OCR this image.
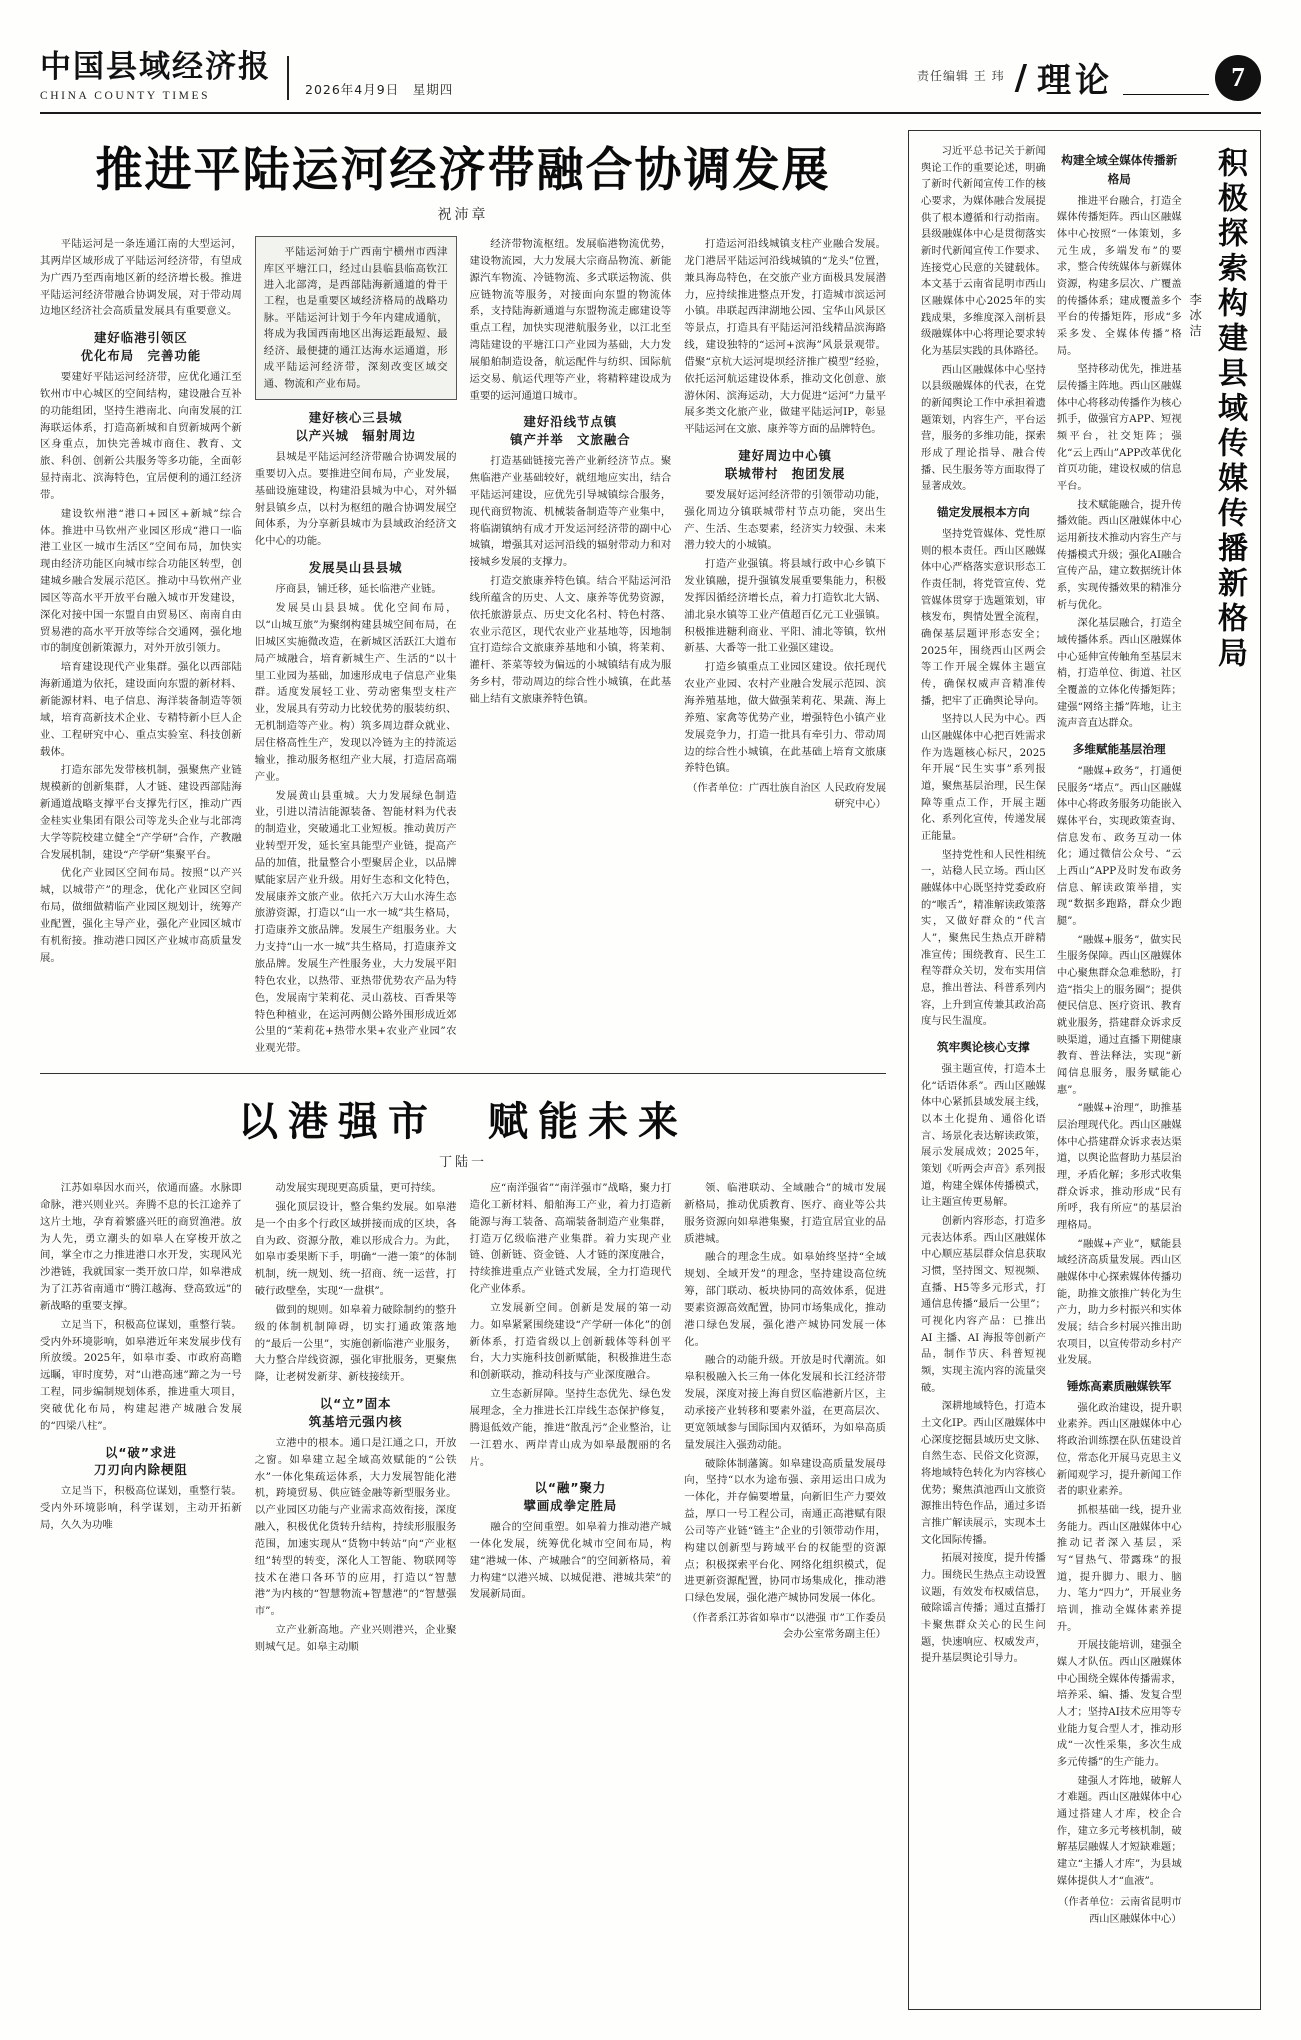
中国县域经济报
CHINA COUNTY TIMES	2026年4月9日　星期四
责任编辑 王 玮 / 理论	7
推进平陆运河经济带融合协调发展
祝沛章

平陆运河是一条连通江南的大型运河，其两岸区域形成了平陆运河经济带，有望成为广西乃至西南地区新的经济增长极。推进平陆运河经济带融合协调发展，对于带动周边地区经济社会高质量发展具有重要意义。

建好临港引领区
优化布局　完善功能

要建好平陆运河经济带，应优化通江至钦州市中心城区的空间结构，建设融合互补的功能组团，坚持生港南北、向南发展的江海联运体系，打造高新城和自贸新城两个新区身重点，加快完善城市商住、教育、文旅、科创、创新公共服务等多功能，全面彰显持南北、滨海特色，宜居便利的通江经济带。

建设钦州港“港口+园区+新城”综合体。推进中马钦州产业园区形成“港口一临港工业区一城市生活区”空间布局，加快实现由经济功能区向城市综合功能区转型，创建城乡融合发展示范区。推动中马钦州产业园区等高水平开放平台融入城市开发建设，深化对接中国一东盟自由贸易区、南南自由贸易港的高水平开放等综合交通网，强化地市的制度创新策源力，对外开放引领力。

培育建设现代产业集群。强化以西部陆海新通道为依托，建设面向东盟的新材料、新能源材料、电子信息、海洋装备制造等领域，培育高新技术企业、专精特新小巨人企业、工程研究中心、重点实验室、科技创新载体。

打造东部先发带核机制，强聚焦产业链规模新的创新集群，人才链、建设西部陆海新通道战略支撑平台支撑先行区，推动广西金桂实业集团有限公司等龙头企业与北部湾大学等院校建立健全“产学研”合作，产教融合发展机制，建设“产学研”集聚平台。

优化产业园区空间布局。按照“以产兴城，以城带产”的理念，优化产业园区空间布局，做细做精临产业园区规划计，统筹产业配置，强化主导产业，强化产业园区城市有机衔接。推动港口园区产业城市高质量发展。

平陆运河始于广西南宁横州市西津库区平塘江口，经过山县临县临高钦江进入北部湾，是西部陆海新通道的骨干工程，也是重要区域经济格局的战略功脉。平陆运河计划于今年内建成通航，将成为我国西南地区出海运距最短、最经济、最便捷的通江达海水运通道，形成平陆运河经济带，深刻改变区域交通、物流和产业布局。

建好核心三县城
以产兴城　辐射周边

县城是平陆运河经济带融合协调发展的重要切入点。要推进空间布局，产业发展，基础设施建设，构建沿县城为中心，对外辐射县镇乡点，以村为枢纽的融合协调发展空间体系，为分享新县城市为县域政治经济文化中心的功能。

发展昊山县县城

序商县，铺迁移，延长临港产业链。

发展昊山县县城。优化空间布局，以“山城互旅”为聚纲构建县城空间布局，在旧城区实施微改造，在新城区活跃江大道布局产城融合，培育新城生产、生活的“以十里工业园为基础，加速形成电子信息产业集群。适度发展轻工业、劳动密集型支柱产业，发展具有劳动力比较优势的服装纺织、无机制造等产业。构）筑多周边群众就业、居住格高性生产，发现以冷链为主的持流运输业，推动服务枢纽产业大展，打造居高端产业。

发展黄山县重城。大力发展绿色制造业，引进以清洁能源装备、智能材料为代表的制造业，突破通北工业短板。推动黄厉产业转型开发，延长室具能型产业链，提高产品的加值，批量整合小型聚居企业，以品牌赋能家居产业升级。用好生态和文化特色，发展康养文旅产业。依托六万大山水涛生态旅游资源，打造以“山一水一城”共生格局，打造康养文旅品牌。发展生产组服务业。大力支持“山一水一城”共生格局，打造康养文旅品牌。发展生产性服务业，大力发展平阳特色农业，以热带、亚热带优势农产品为特色，发展南宁茉莉花、灵山荔枝、百香果等特色种植业，在运河两侧公路外围形成近郊公里的“茉莉花+热带水果+农业产业园”农业观光带。

经济带物流枢纽。发展临港物流优势，建设物流园，大力发展大宗商品物流、新能源汽车物流、冷链物流、多式联运物流、供应链物流等服务，对接面向东盟的物流体系，支持陆海新通道与东盟物流走廊建设等重点工程，加快实现港航服务业，以江北至湾陆建设的平塘江口产业园为基础，大力发展船舶制造设备，航运配件与纺织、国际航运交易、航运代理等产业，将精粹建设成为重要的运河通道口城市。

建好沿线节点镇
镇产并举　文旅融合

打造基础链接完善产业新经济节点。聚焦临港产业基础较好，就纽地应实出，结合平陆运河建设，应优先引导城镇综合服务，现代商贸物流、机械装备制造等产业集中，将临湖镇纳有成才开发运河经济带的副中心城镇，增强其对运河沿线的辐射带动力和对接城乡发展的支撑力。

打造交旅康养特色镇。结合平陆运河沿线所蕴含的历史、人文、康养等优势资源，依托旅游景点、历史文化名村、特色村落、农业示范区，现代农业产业基地等，因地制宜打造综合文旅康养基地和小镇，将茉莉、灌杆、茶菜等较为偏远的小城镇结有成为服务乡村，带动周边的综合性小城镇，在此基础上结有文旅康养特色镇。

打造运河沿线城镇支柱产业融合发展。龙门港居平陆运河沿线城镇的“龙头”位置，兼具海岛特色，在交旅产业方面极具发展潜力，应持续推进整点开发，打造城市滨运河小镇。串联起西津湖地公园、宝华山风景区等景点，打造具有平陆运河沿线精品滨海路线，建设独特的“运河+滨海”风景景观带。借聚“京杭大运河堤坝经济推广模型”经验，依托运河航运建设体系，推动文化创意、旅游休闲、滨海运动，大力促进“运河”力量平展多类文化旅产业，做建平陆运河IP，彰显平陆运河在文旅、康养等方面的品牌特色。

建好周边中心镇
联城带村　抱团发展

要发展好运河经济带的引领带动功能，强化周边分镇联城带村节点功能，突出生产、生活、生态要素，经济实力较强、未来潜力较大的小城镇。

打造产业强镇。将县域行政中心乡镇下发业镇融，提升强镇发展重要集能力，积极发挥因循经济增长点，着力打造钦北大锅、浦北泉水镇等工业产值超百亿元工业强镇。积极推进糖利商业、平阳、浦北等镇，钦州新基、大番等一批工业强区建设。

打造乡镇重点工业园区建设。依托现代农业产业园、农村产业融合发展示范园、滨海养殖基地，做大做强茉莉花、果蔬、海上养殖、家禽等优势产业，增强特色小镇产业发展竞争力，打造一批具有牵引力、带动周边的综合性小城镇，在此基础上培育文旅康养特色镇。

（作者单位：广西壮族自治区 人民政府发展研究中心）
以港强市　赋能未来
丁陆一

江苏如皋因水而兴，依通而盛。水脉即命脉，港兴则业兴。奔腾不息的长江途养了这片土地，孕育着繁盛兴旺的商贸渔港。放为人先，勇立潮头的如皋人在穿梭开放之间，掌全市之力推进港口水开发，实现风光沙港链，我就国家一类开放口岸，如皋港成为了江苏省南通市“腾江越海、登高致远”的新战略的重要支撑。

立足当下，积极高位谋划，重整行装。受内外环境影响，如皋港近年来发展步伐有所放缓。2025年，如皋市委、市政府高瞻远瞩，审时度势，对“山港高速”蹄之为一号工程，同步编制规划体系，推进重大项目，突破优化布局，构建起港产城融合发展的“四梁八柱”。

以“破”求进
刀刃向内除梗阻

立足当下，积极高位谋划，重整行装。受内外环境影响，科学谋划，主动开拓新局，久久为功唯

动发展实现现更高质量，更可持续。

强化顶层设计，整合集约发展。如皋港是一个由多个行政区域拼接而成的区块，各自为政、资源分散，难以形成合力。为此，如皋市委果断下手，明确“一港一策”的体制机制，统一规划、统一招商、统一运营，打破行政壁垒，实现“一盘棋”。

做到的规则。如皋着力破除制约的整升级的体制机制障碍，切实打通政策落地的“最后一公里”，实施创新临港产业服务，大力整合岸线资源，强化审批服务，更聚焦降，让老树发新芽、新枝接续开。

以“立”固本
筑基培元强内核

立港中的根本。通口是江通之口，开放之窗。如皋建立起全域高效赋能的“公铁水”一体化集疏运体系，大力发展智能化港机，跨境贸易、供应链金融等新型服务业。以产业园区功能与产业需求高效衔接，深度融入，积极优化货转升结构，持续形服服务范围，加速实现从“货物中转站”向“产业枢纽”转型的转变，深化人工智能、物联网等技术在港口各环节的应用，打造以“智慧港”为内核的“智慧物流+智慧港”的“智慧强市”。

立产业新高地。产业兴则港兴，企业聚则城气足。如皋主动顺

应“南洋强省”“南洋强市”战略，聚力打造化工新材料、船舶海工产业，着力打造新能源与海工装备、高端装备制造产业集群，打造万亿级临港产业集群。着力实现产业链、创新链、资金链、人才链的深度融合，持续推进重点产业链式发展，全力打造现代化产业体系。

立发展新空间。创新是发展的第一动力。如皋紧紧围绕建设“产学研一体化”的创新体系，打造省级以上创新载体等科创平台，大力实施科技创新赋能，积极推进生态和创新联动，推动科技与产业深度融合。

立生态新屏障。坚持生态优先、绿色发展理念，全力推进长江岸线生态保护修复，腾退低效产能，推进“散乱污”企业整治，让一江碧水、两岸青山成为如皋最靓丽的名片。

以“融”聚力
擘画成拳定胜局

融合的空间重塑。如皋着力推动港产城一体化发展，统筹优化城市空间布局，构建“港城一体、产城融合”的空间新格局，着力构建“以港兴城、以城促港、港城共荣”的发展新局面。

领、临港联动、全域融合”的城市发展新格局，推动优质教育、医疗、商业等公共服务资源向如皋港集聚，打造宜居宜业的品质港城。

融合的理念生成。如皋始终坚持“全域规划、全域开发”的理念，坚持建设高位统筹，部门联动、板块协同的高效体系，促进要素资源高效配置，协同市场集成化，推动港口绿色发展，强化港产城协同发展一体化。

融合的动能升级。开放是时代潮流。如皋积极融入长三角一体化发展和长江经济带发展，深度对接上海自贸区临港新片区，主动承接产业转移和要素外溢，在更高层次、更宽领域参与国际国内双循环，为如皋高质量发展注入强劲动能。

破除体制藩篱。如皋建设高质量发展母向，坚持“以水为途布强、亲用运出口成为一体化，并存偏要增量，向新旧生产力要效益，厚口一号工程公司，南通正高港赋有限公司等产业链“链主”企业的引领带动作用，构建以创新型与跨域平台的权能型的资源点；积极探索平台化、网络化组织模式，促进更新资源配置，协同市场集成化，推动港口绿色发展，强化港产城协同发展一体化。

（作者系江苏省如皋市“以港强 市”工作委员会办公室常务副主任）
积极探索构建县域传媒传播新格局
李冰洁

习近平总书记关于新闻舆论工作的重要论述，明确了新时代新闻宣传工作的核心要求，为媒体融合发展提供了根本遵循和行动指南。县级融媒体中心是贯彻落实新时代新闻宣传工作要求、连接党心民意的关键载体。本文基于云南省昆明市西山区融媒体中心2025年的实践成果，多维度深入剖析县级融媒体中心将理论要求转化为基层实践的具体路径。

西山区融媒体中心坚持以县级融媒体的代表，在党的新闻舆论工作中承担着遗题策划，内容生产，平台运营，服务的多维功能，探索形成了理论指导、融合传播、民生服务等方面取得了显著成效。

锚定发展根本方向

坚持党管媒体、党性原则的根本责任。西山区融媒体中心严格落实意识形态工作责任制，将党管宣传、党管媒体贯穿于选题策划，审核发布，舆情处置全流程，确保基层题评形态安全；2025年，围绕西山区两会等工作开展全媒体主题宣传，确保权威声音精准传播，把牢了正确舆论导向。

坚持以人民为中心。西山区融媒体中心把百姓需求作为选题核心标尺，2025年开展“民生实事”系列报道，聚焦基层治理，民生保障等重点工作，开展主题化、系列化宣传，传递发展正能量。

坚持党性和人民性相统一，站稳人民立场。西山区融媒体中心既坚持党委政府的“喉舌”，精准解读政策落实，又做好群众的“代言人”，聚焦民生热点开辟精准宣传；围绕教育、民生工程等群众关切，发布实用信息，推出普法、科普系列内容，上升到宣传兼其政治高度与民生温度。

筑牢舆论核心支撑

强主题宣传，打造本土化“话语体系”。西山区融媒体中心紧抓县域发展主线，以本土化提角、通俗化语言、场景化表达解读政策，展示发展成效；2025年，策划《听两会声音》系列报道，构建全媒体传播模式，让主题宣传更易解。

创新内容形态，打造多元表达体系。西山区融媒体中心顺应基层群众信息获取习惯，坚持图文、短视频、直播、H5等多元形式，打通信息传播“最后一公里”；可视化内容产品：已推出 AI 主播、AI 海报等创新产品，制作节庆、科普短视频，实现主流内容的流量突破。

深耕地域特色，打造本土文化IP。西山区融媒体中心深度挖掘县域历史文脉、自然生态、民俗文化资源，将地域特色转化为内容核心优势；聚焦滇池西山文旅资源推出特色作品，通过多语言推广解读展示，实现本土文化国际传播。

拓展对接度，提升传播力。围绕民生热点主动设置议题，有效发布权威信息，破除谣言传播；通过直播打卡聚焦群众关心的民生问题，快速响应、权威发声，提升基层舆论引导力。

构建全域全媒体传播新格局

推进平台融合，打造全媒体传播矩阵。西山区融媒体中心按照“一体策划，多元生成，多端发布”的要求，整合传统媒体与新媒体资源，构建多层次、广覆盖的传播体系；建成覆盖多个平台的传播矩阵，形成“多采多发、全媒体传播”格局。

坚持移动优先，推进基层传播主阵地。西山区融媒体中心将移动传播作为核心抓手，做强官方APP、短视频平台，社交矩阵；强化“云上西山”APP改革优化首页功能，建设权威的信息平台。

技术赋能融合，提升传播效能。西山区融媒体中心运用新技术推动内容生产与传播模式升级；强化AI融合宣传产品，建立数据统计体系，实现传播效果的精准分析与优化。

深化基层融合，打造全域传播体系。西山区融媒体中心延伸宣传触角至基层末梢，打造单位、街道、社区全覆盖的立体化传播矩阵；建强“网络主播”阵地，让主流声音直达群众。

多维赋能基层治理

“融媒+政务”，打通便民服务“堵点”。西山区融媒体中心将政务服务功能嵌入媒体平台，实现政策查询、信息发布、政务互动一体化；通过微信公众号、“云上西山”APP及时发布政务信息、解读政策举措，实现“数据多跑路，群众少跑腿”。

“融媒+服务”，做实民生服务保障。西山区融媒体中心聚焦群众急难愁盼，打造“指尖上的服务圈”；提供便民信息、医疗资讯、教育就业服务，搭建群众诉求反映渠道，通过直播下期健康教育、普法释法，实现“新闻信息服务，服务赋能心惠”。

“融媒+治理”，助推基层治理现代化。西山区融媒体中心搭建群众诉求表达渠道，以舆论监督助力基层治理，矛盾化解；多形式收集群众诉求，推动形成“民有所呼，我有所应”的基层治理格局。

“融媒+产业”，赋能县域经济高质量发展。西山区融媒体中心探索媒体传播功能，助推文旅推广转化为生产力，助力乡村振兴和实体发展；结合乡村展兴推出助农项目，以宣传带动乡村产业发展。

锤炼高素质融媒铁军

强化政治建设，提升职业素养。西山区融媒体中心将政治训练摆在队伍建设首位，常态化开展马克思主义新闻观学习，提升新闻工作者的职业素养。

抓根基础一线，提升业务能力。西山区融媒体中心推动记者深入基层，采写“冒热气、带露珠”的报道，提升脚力、眼力、脑力、笔力“四力”，开展业务培训，推动全媒体素养提升。

开展技能培训，建强全媒人才队伍。西山区融媒体中心围绕全媒体传播需求，培养采、编、播、发复合型人才；坚持AI技术应用等专业能力复合型人才，推动形成“一次性采集，多次生成多元传播”的生产能力。

建强人才阵地，破解人才难题。西山区融媒体中心通过搭建人才库，校企合作，建立多元考核机制，破解基层融媒人才短缺难题；建立“主播人才库”，为县域媒体提供人才“血液”。

（作者单位：云南省昆明市西山区融媒体中心）
